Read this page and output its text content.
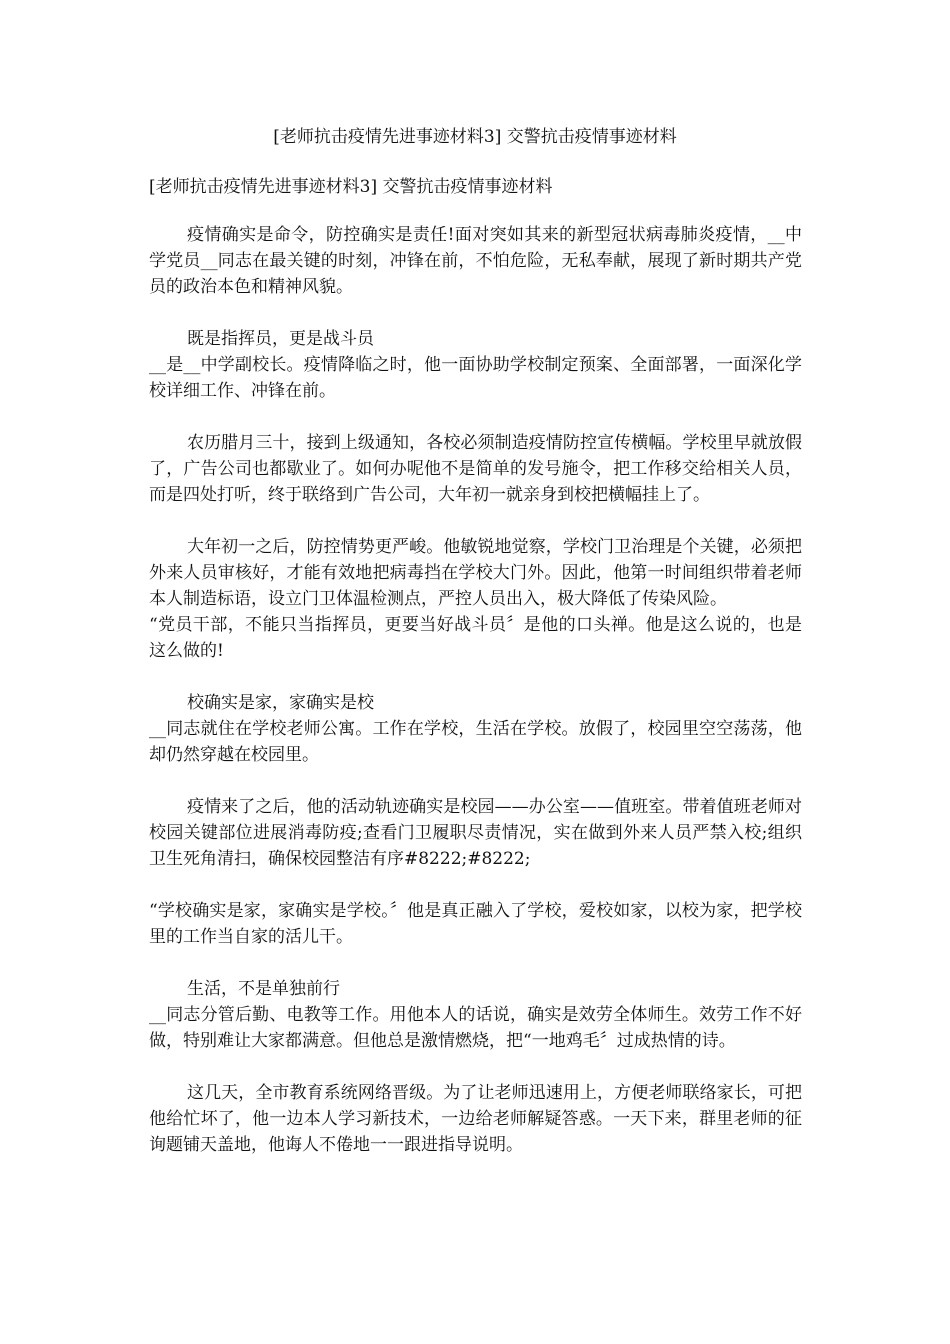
[老师抗击疫情先进事迹材料3] 交警抗击疫情事迹材料

[老师抗击疫情先进事迹材料3] 交警抗击疫情事迹材料

疫情确实是命令，防控确实是责任!面对突如其来的新型冠状病毒肺炎疫情，__中学党员__同志在最关键的时刻，冲锋在前，不怕危险，无私奉献，展现了新时期共产党员的政治本色和精神风貌。

既是指挥员，更是战斗员

__是__中学副校长。疫情降临之时，他一面协助学校制定预案、全面部署，一面深化学校详细工作、冲锋在前。

农历腊月三十，接到上级通知，各校必须制造疫情防控宣传横幅。学校里早就放假了，广告公司也都歇业了。如何办呢他不是简单的发号施令，把工作移交给相关人员，而是四处打听，终于联络到广告公司，大年初一就亲身到校把横幅挂上了。

大年初一之后，防控情势更严峻。他敏锐地觉察，学校门卫治理是个关键，必须把外来人员审核好，才能有效地把病毒挡在学校大门外。因此，他第一时间组织带着老师本人制造标语，设立门卫体温检测点，严控人员出入，极大降低了传染风险。

“党员干部，不能只当指挥员，更要当好战斗员〞是他的口头禅。他是这么说的，也是这么做的!

校确实是家，家确实是校

__同志就住在学校老师公寓。工作在学校，生活在学校。放假了，校园里空空荡荡，他却仍然穿越在校园里。

疫情来了之后，他的活动轨迹确实是校园——办公室——值班室。带着值班老师对校园关键部位进展消毒防疫;查看门卫履职尽责情况，实在做到外来人员严禁入校;组织卫生死角清扫，确保校园整洁有序#8222;#8222;

“学校确实是家，家确实是学校。〞他是真正融入了学校，爱校如家，以校为家，把学校里的工作当自家的活儿干。

生活，不是单独前行

__同志分管后勤、电教等工作。用他本人的话说，确实是效劳全体师生。效劳工作不好做，特别难让大家都满意。但他总是激情燃烧，把“一地鸡毛〞过成热情的诗。

这几天，全市教育系统网络晋级。为了让老师迅速用上，方便老师联络家长，可把他给忙坏了，他一边本人学习新技术，一边给老师解疑答惑。一天下来，群里老师的征询题铺天盖地，他诲人不倦地一一跟进指导说明。
